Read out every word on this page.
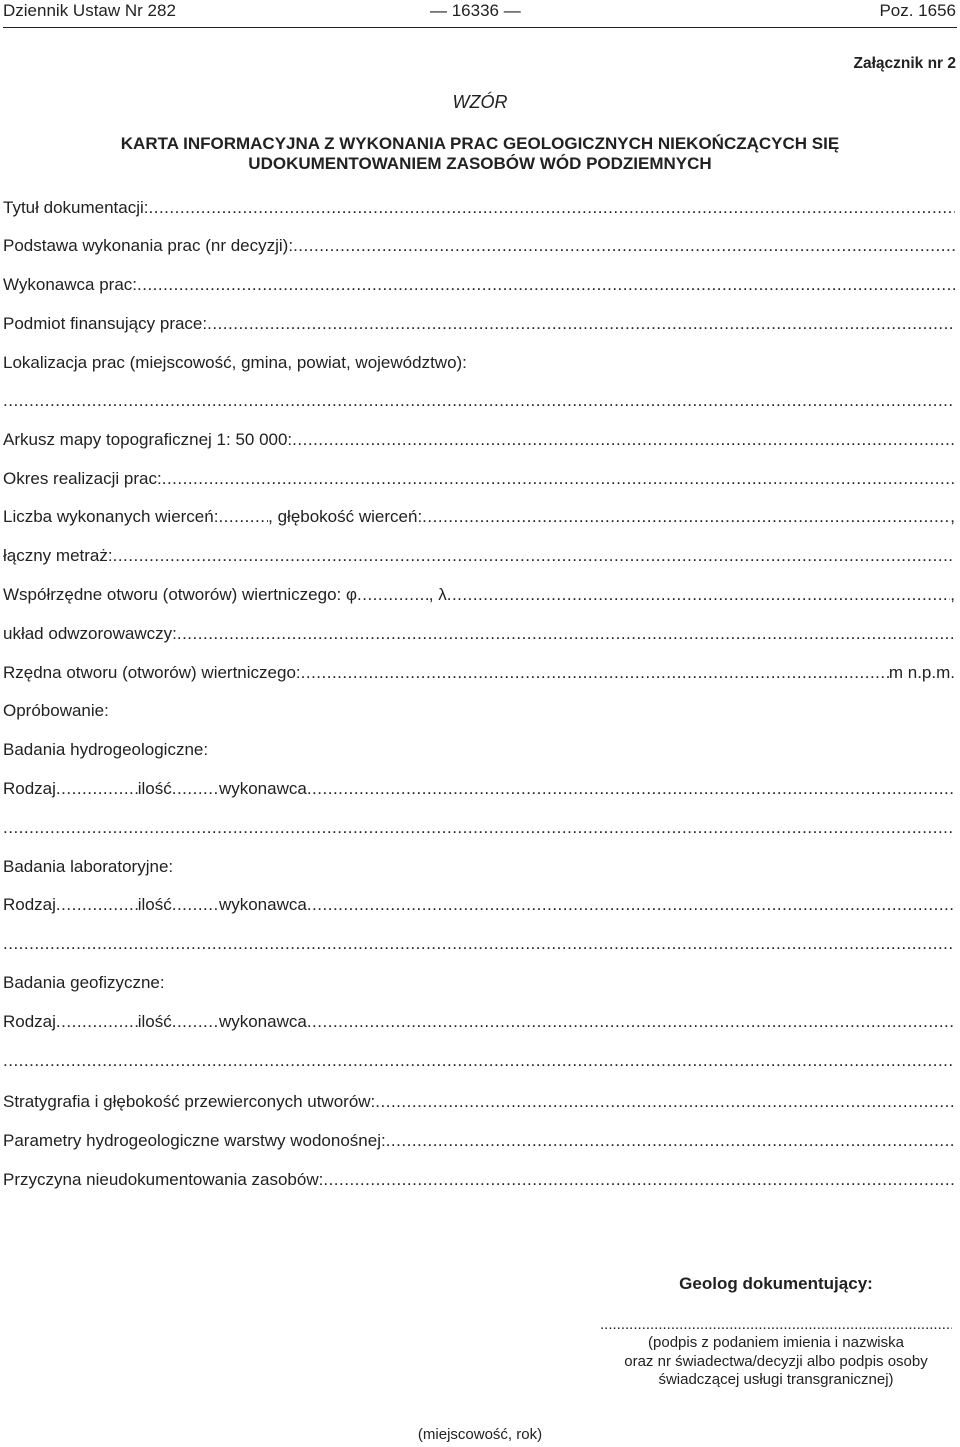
Dziennik Ustaw Nr 282	— 16336 —	Poz. 1656
Załącznik nr 2
WZÓR
KARTA INFORMACYJNA Z WYKONANIA PRAC GEOLOGICZNYCH NIEKOŃCZĄCYCH SIĘ
UDOKUMENTOWANIEM ZASOBÓW WÓD PODZIEMNYCH
Tytuł dokumentacji:
.....
Podstawa wykonania prac (nr decyzji):
.....
Wykonawca prac:
.....
Podmiot finansujący prace:
.....
Lokalizacja prac (miejscowość, gmina, powiat, województwo):
.....
Arkusz mapy topograficznej 1: 50 000:
.....
Okres realizacji prac:
.....
Liczba wykonanych wierceń: .....	, głębokość wierceń: .....	,
łączny metraż:
.....
Współrzędne otworu (otworów) wiertniczego: φ .....	, λ .....	,
układ odwzorowawczy:
.....
Rzędna otworu (otworów) wiertniczego: .....	m n.p.m.
Opróbowanie:
Badania hydrogeologiczne:
Rodzaj .....	ilość .....	wykonawca
.....
.....
Badania laboratoryjne:
Rodzaj .....	ilość .....	wykonawca
.....
.....
Badania geofizyczne:
Rodzaj .....	ilość .....	wykonawca
.....
.....
Stratygrafia i głębokość przewierconych utworów:
.....
Parametry hydrogeologiczne warstwy wodonośnej:
.....
Przyczyna nieudokumentowania zasobów:
.....
Geolog dokumentujący:
.....
(podpis z podaniem imienia i nazwiska
oraz nr świadectwa/decyzji albo podpis osoby
świadczącej usługi transgranicznej)
(miejscowość, rok)
